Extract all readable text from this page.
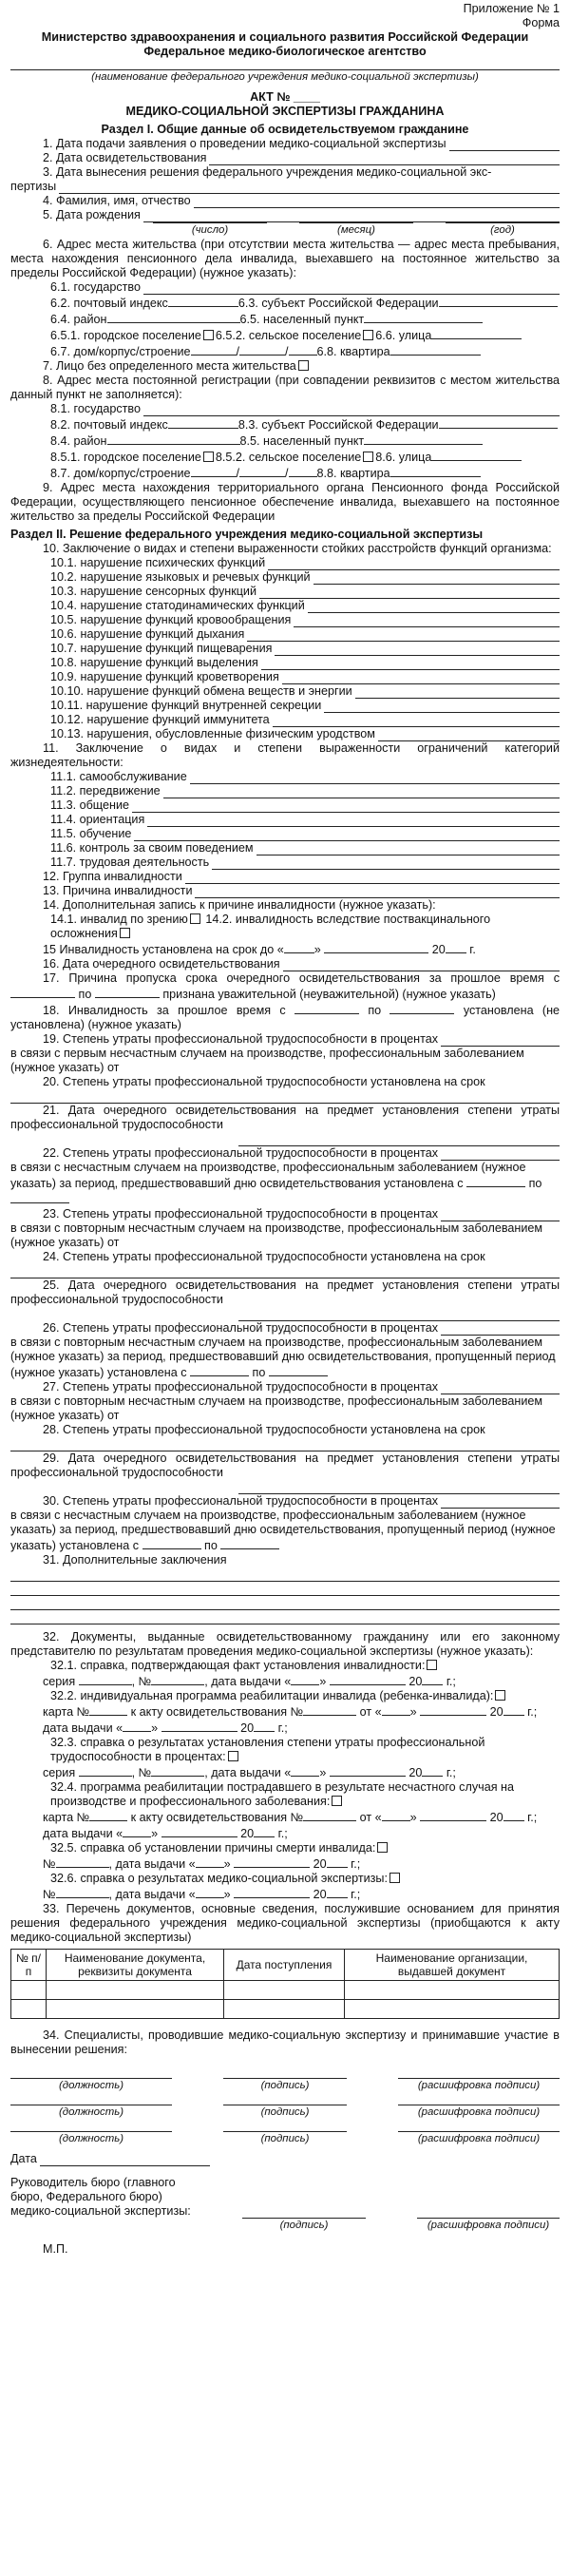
Приложение № 1

Форма

Министерство здравоохранения и социального развития Российской Федерации

Федеральное медико-биологическое агентство

(наименование федерального учреждения медико-социальной экспертизы)

АКТ № ____

МЕДИКО-СОЦИАЛЬНОЙ ЭКСПЕРТИЗЫ ГРАЖДАНИНА

Раздел I. Общие данные об освидетельствуемом гражданине

1. Дата подачи заявления о проведении медико-социальной экспертизы
2. Дата освидетельствования

3. Дата вынесения решения федерального учреждения медико-социальной экс-

пертизы
4. Фамилия, имя, отчество
5. Дата рождения
(число)	(месяц)	(год)

6. Адрес места жительства (при отсутствии места жительства — адрес места пребывания, места нахождения пенсионного дела инвалида, выехавшего на постоянное жительство за пределы Российской Федерации) (нужное указать):

6.1. государство
6.2. почтовый индекс	6.3. субъект Российской Федерации
6.4. район	6.5. населенный пункт
6.5.1. городское поселение 6.5.2. сельское поселение 6.6. улица
6.7. дом/корпус/строение	/	/ 6.8. квартира
7. Лицо без определенного места жительства

8. Адрес места постоянной регистрации (при совпадении реквизитов с местом жительства данный пункт не заполняется):

8.1. государство
8.2. почтовый индекс	8.3. субъект Российской Федерации
8.4. район	8.5. населенный пункт
8.5.1. городское поселение 8.5.2. сельское поселение 8.6. улица
8.7. дом/корпус/строение	/	/ 8.8. квартира

9. Адрес места нахождения территориального органа Пенсионного фонда Российской Федерации, осуществляющего пенсионное обеспечение инвалида, выехавшего на постоянное жительство за пределы Российской Федерации

Раздел II. Решение федерального учреждения медико-социальной экспертизы

10. Заключение о видах и степени выраженности стойких расстройств функций организма:

10.1. нарушение психических функций
10.2. нарушение языковых и речевых функций
10.3. нарушение сенсорных функций
10.4. нарушение статодинамических функций
10.5. нарушение функций кровообращения
10.6. нарушение функций дыхания
10.7. нарушение функций пищеварения
10.8. нарушение функций выделения
10.9. нарушение функций кроветворения
10.10. нарушение функций обмена веществ и энергии
10.11. нарушение функций внутренней секреции
10.12. нарушение функций иммунитета
10.13. нарушения, обусловленные физическим уродством

11. Заключение о видах и степени выраженности ограничений категорий жизнедеятельности:

11.1. самообслуживание
11.2. передвижение
11.3. общение
11.4. ориентация
11.5. обучение
11.6. контроль за своим поведением
11.7. трудовая деятельность
12. Группа инвалидности
13. Причина инвалидности

14. Дополнительная запись к причине инвалидности (нужное указать):

14.1. инвалид по зрению 14.2. инвалидность вследствие поствакцинального осложнения

15 Инвалидность установлена на срок до «	»	20 г.
16. Дата очередного освидетельствования

17. Причина пропуска срока очередного освидетельствования за прошлое время с  по	признана уважительной (неуважительной) (нужное указать)

18. Инвалидность за прошлое время с	по	установлена (не установлена) (нужное указать)

19. Степень утраты профессиональной трудоспособности в процентах
в связи с первым несчастным случаем на производстве, профессиональным заболеванием (нужное указать) от

20. Степень утраты профессиональной трудоспособности установлена на срок

21. Дата очередного освидетельствования на предмет установления степени утраты профессиональной трудоспособности

22. Степень утраты профессиональной трудоспособности в процентах

в связи с несчастным случаем на производстве, профессиональным заболеванием (нужное указать) за период, предшествовавший дню освидетельствования установлена с	по

23. Степень утраты профессиональной трудоспособности в процентах
в связи с повторным несчастным случаем на производстве, профессиональным заболеванием (нужное указать) от

24. Степень утраты профессиональной трудоспособности установлена на срок

25. Дата очередного освидетельствования на предмет установления степени утраты профессиональной трудоспособности

26. Степень утраты профессиональной трудоспособности в процентах

в связи с повторным несчастным случаем на производстве, профессиональным заболеванием (нужное указать) за период, предшествовавший дню освидетельствования, пропущенный период (нужное указать) установлена с	по

27. Степень утраты профессиональной трудоспособности в процентах
в связи с повторным несчастным случаем на производстве, профессиональным заболеванием (нужное указать) от

28. Степень утраты профессиональной трудоспособности установлена на срок

29. Дата очередного освидетельствования на предмет установления степени утраты профессиональной трудоспособности

30. Степень утраты профессиональной трудоспособности в процентах

в связи с несчастным случаем на производстве, профессиональным заболеванием (нужное указать) за период, предшествовавший дню освидетельствования, пропущенный период (нужное указать) установлена с	по

31. Дополнительные заключения

32. Документы, выданные освидетельствованному гражданину или его законному представителю по результатам проведения медико-социальной экспертизы (нужное указать):

32.1. справка, подтверждающая факт установления инвалидности:

серия	, №	, дата выдачи « »	20 г.;

32.2. индивидуальная программа реабилитации инвалида (ребенка-инвалида):

карта №	к акту освидетельствования №	от « »	20 г.; дата выдачи « »	20 г.;

32.3. справка о результатах установления степени утраты профессиональной трудоспособности в процентах:

серия	, №	, дата выдачи « »	20 г.;

32.4. программа реабилитации пострадавшего в результате несчастного случая на производстве и профессионального заболевания:

карта №	к акту освидетельствования №	от « »	20 г.; дата выдачи « »	20 г.;

32.5. справка об установлении причины смерти инвалида:

№	, дата выдачи « »	20 г.;

32.6. справка о результатах медико-социальной экспертизы:

№	, дата выдачи « »	20 г.;

33. Перечень документов, основные сведения, послужившие основанием для принятия решения федерального учреждения медико-социальной экспертизы (приобщаются к акту медико-социальной экспертизы)

№ п/п	Наименование документа, реквизиты документа	Дата поступления	Наименование организации, выдавшей документ

34. Специалисты, проводившие медико-социальную экспертизу и принимавшие участие в вынесении решения:

(должность)	(подпись)	(расшифровка подписи)
(должность)	(подпись)	(расшифровка подписи)
(должность)	(подпись)	(расшифровка подписи)
Дата

Руководитель бюро (главного

бюро, Федерального бюро)

медико-социальной экспертизы:
(подпись)	(расшифровка подписи)

М.П.
